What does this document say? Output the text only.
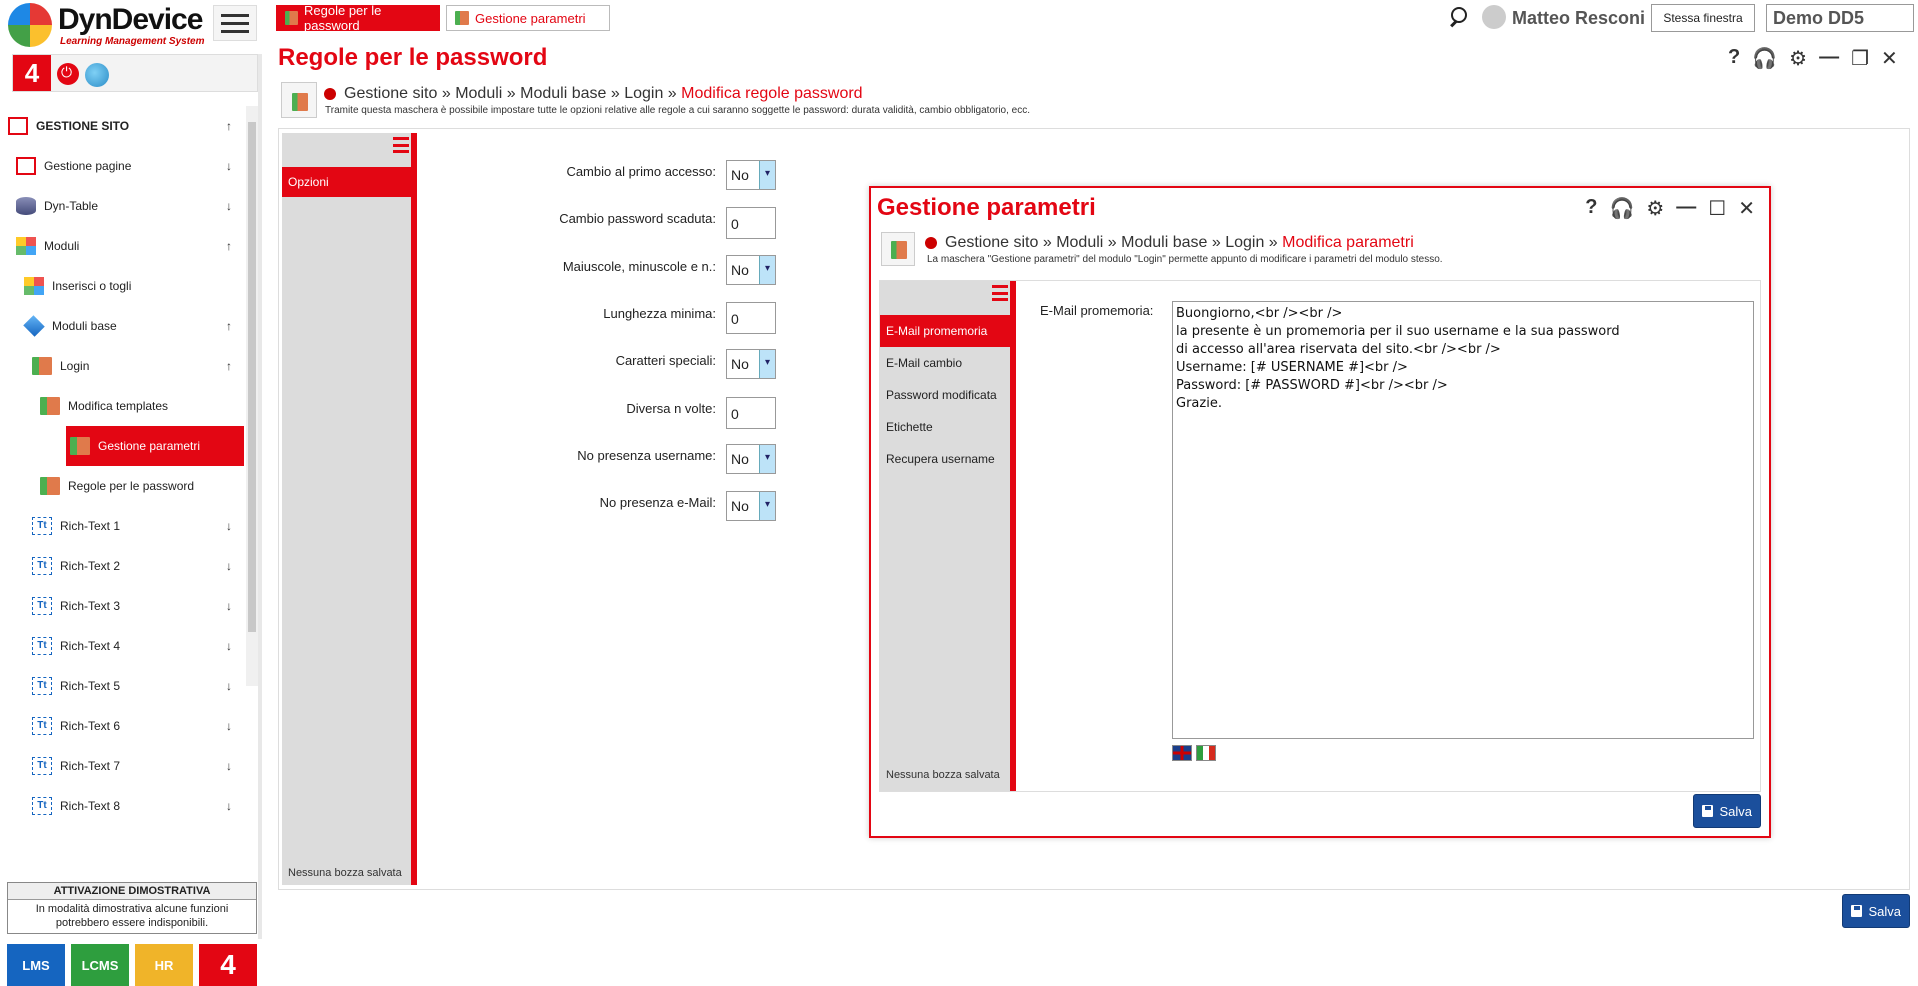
DynDevice
Learning Management System
Regole per le password	Gestione parametri	Matteo Resconi	Stessa finestra	Demo DD5
4
⏻
GESTIONE SITO	↑
Gestione pagine	↓
Dyn-Table	↓
Moduli	↑
Inserisci o togli
Moduli base	↑
Login	↑
Modifica templates
Gestione parametri
Regole per le password
Tt	Rich-Text 1	↓
Tt	Rich-Text 2	↓
Tt	Rich-Text 3	↓
Tt	Rich-Text 4	↓
Tt	Rich-Text 5	↓
Tt	Rich-Text 6	↓
Tt	Rich-Text 7	↓
Tt	Rich-Text 8	↓
ATTIVAZIONE DIMOSTRATIVA
In modalità dimostrativa alcune funzioni potrebbero essere indisponibili.
LMS	LCMS	HR	4
Regole per le password	? 🎧 ⚙ — ❐ ✕
Gestione sito » Moduli » Moduli base » Login » Modifica regole password
Tramite questa maschera è possibile impostare tutte le opzioni relative alle regole a cui saranno soggette le password: durata validità, cambio obbligatorio, ecc.
Opzioni
Nessuna bozza salvata
Cambio al primo accesso:	No	▾
Cambio password scaduta:	0
Maiuscole, minuscole e n.:	No	▾
Lunghezza minima:	0
Caratteri speciali:	No	▾
Diversa n volte:	0
No presenza username:	No	▾
No presenza e-Mail:	No	▾
Salva
Gestione parametri	? 🎧 ⚙ — ☐ ✕
Gestione sito » Moduli » Moduli base » Login » Modifica parametri
La maschera "Gestione parametri" del modulo "Login" permette appunto di modificare i parametri del modulo stesso.
E-Mail promemoria
E-Mail cambio
Password modificata
Etichette
Recupera username
Nessuna bozza salvata
E-Mail promemoria:	Buongiorno,<br /><br />
la presente è un promemoria per il suo username e la sua password
di accesso all'area riservata del sito.<br /><br />
Username: [# USERNAME #]<br />
Password: [# PASSWORD #]<br /><br />
Grazie.
Salva
